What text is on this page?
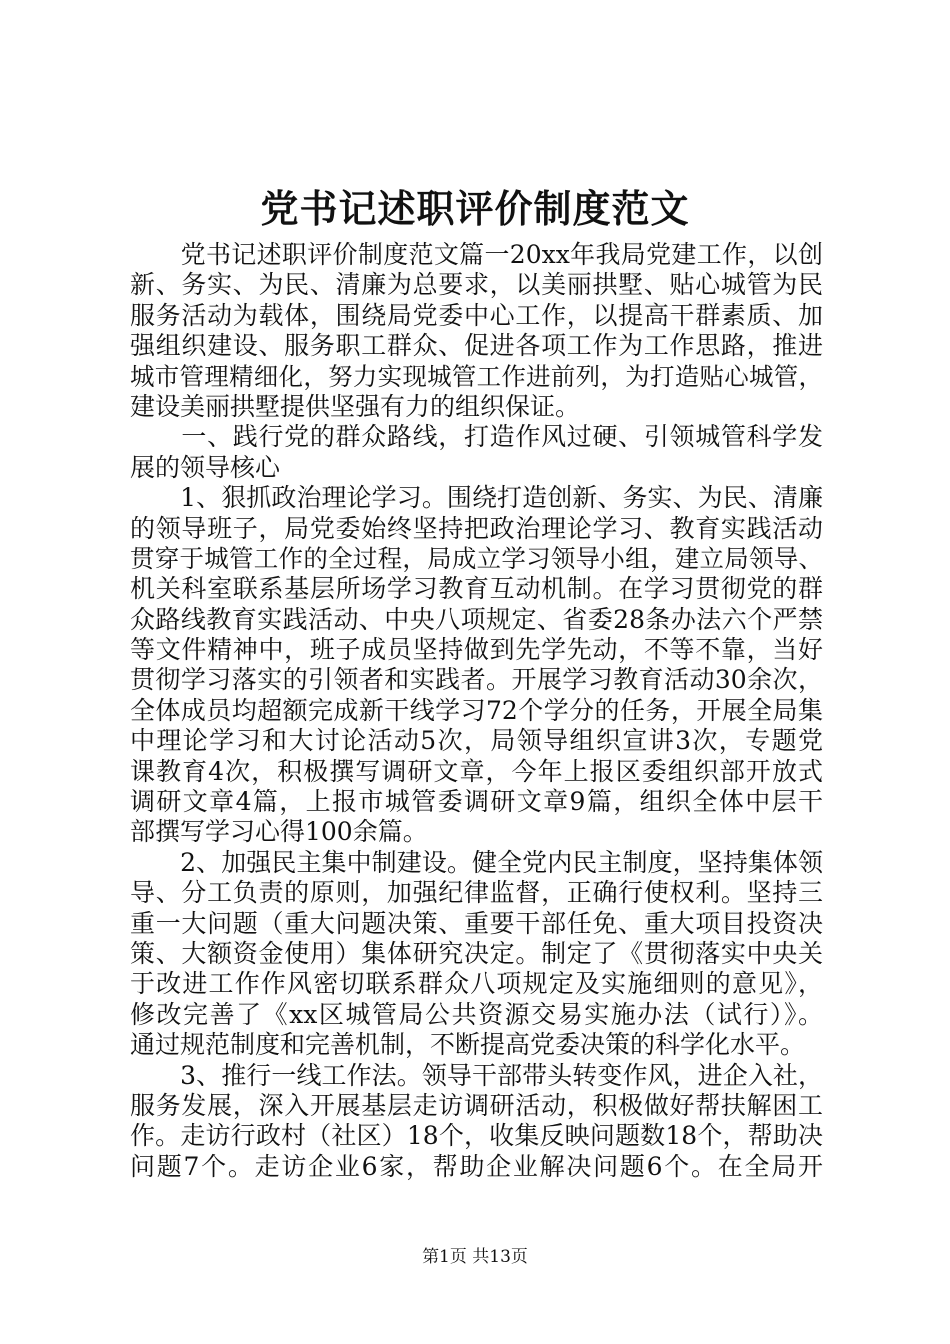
党书记述职评价制度范文
　　党书记述职评价制度范文篇一20xx年我局党建工作，以创
新、务实、为民、清廉为总要求，以美丽拱墅、贴心城管为民
服务活动为载体，围绕局党委中心工作，以提高干群素质、加
强组织建设、服务职工群众、促进各项工作为工作思路，推进
城市管理精细化，努力实现城管工作进前列，为打造贴心城管，
建设美丽拱墅提供坚强有力的组织保证。
　　一、践行党的群众路线，打造作风过硬、引领城管科学发
展的领导核心
　　1、狠抓政治理论学习。围绕打造创新、务实、为民、清廉
的领导班子，局党委始终坚持把政治理论学习、教育实践活动
贯穿于城管工作的全过程，局成立学习领导小组，建立局领导、
机关科室联系基层所场学习教育互动机制。在学习贯彻党的群
众路线教育实践活动、中央八项规定、省委28条办法六个严禁
等文件精神中，班子成员坚持做到先学先动，不等不靠，当好
贯彻学习落实的引领者和实践者。开展学习教育活动30余次，
全体成员均超额完成新干线学习72个学分的任务，开展全局集
中理论学习和大讨论活动5次，局领导组织宣讲3次，专题党
课教育4次，积极撰写调研文章，今年上报区委组织部开放式
调研文章4篇，上报市城管委调研文章9篇，组织全体中层干
部撰写学习心得100余篇。
　　2、加强民主集中制建设。健全党内民主制度，坚持集体领
导、分工负责的原则，加强纪律监督，正确行使权利。坚持三
重一大问题（重大问题决策、重要干部任免、重大项目投资决
策、大额资金使用）集体研究决定。制定了《贯彻落实中央关
于改进工作作风密切联系群众八项规定及实施细则的意见》，
修改完善了《xx区城管局公共资源交易实施办法（试行）》。
通过规范制度和完善机制，不断提高党委决策的科学化水平。
　　3、推行一线工作法。领导干部带头转变作风，进企入社，
服务发展，深入开展基层走访调研活动，积极做好帮扶解困工
作。走访行政村（社区）18个，收集反映问题数18个，帮助决
问题7个。走访企业6家，帮助企业解决问题6个。在全局开
第1页 共13页
